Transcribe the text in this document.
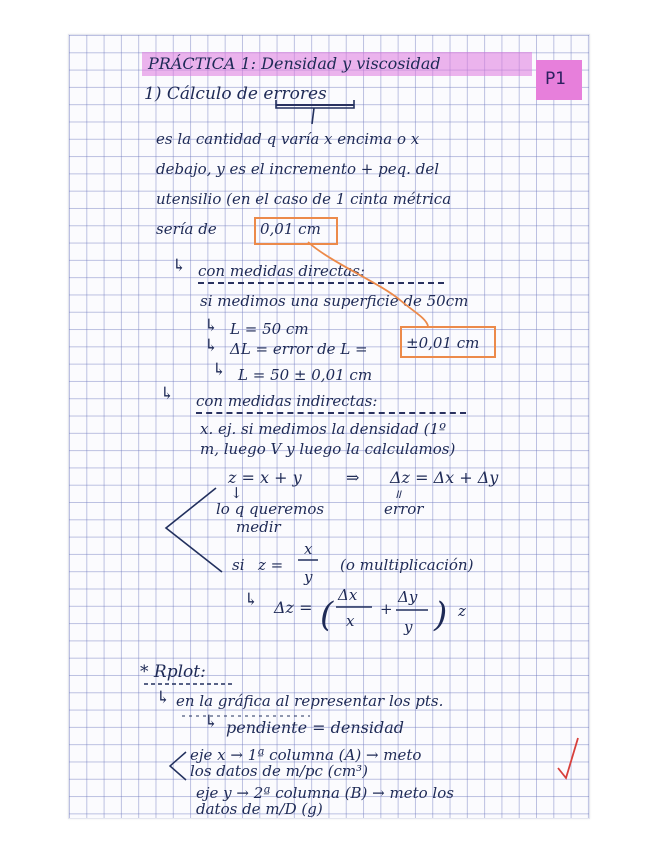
PRÁCTICA 1: Densidad y viscosidad
P1
1) Cálculo de errores
es la cantidad q varía x encima o x
debajo, y es el incremento + peq. del
utensilio (en el caso de 1 cinta métrica
sería de	0,01 cm
↳ con medidas directas:
si medimos una superficie de 50cm
↳ L = 50 cm
↳ ΔL = error de L =	±0,01 cm
↳ L = 50 ± 0,01 cm
↳ con medidas indirectas:
x. ej. si medimos la densidad (1º
m, luego V y luego la calculamos)
z = x + y	⇒ Δz = Δx + Δy
↓
lo q queremos
medir
॥
error
si z =
x
y
(o multiplicación)
↳ Δz = ( Δx
x
+
Δy
y ) z
* Rplot:
↳ en la gráfica al representar los pts.
↳ pendiente = densidad
eje x → 1ª columna (A) → meto
los datos de m/pc (cm³)
eje y → 2ª columna (B) → meto los
datos de m/D (g)
